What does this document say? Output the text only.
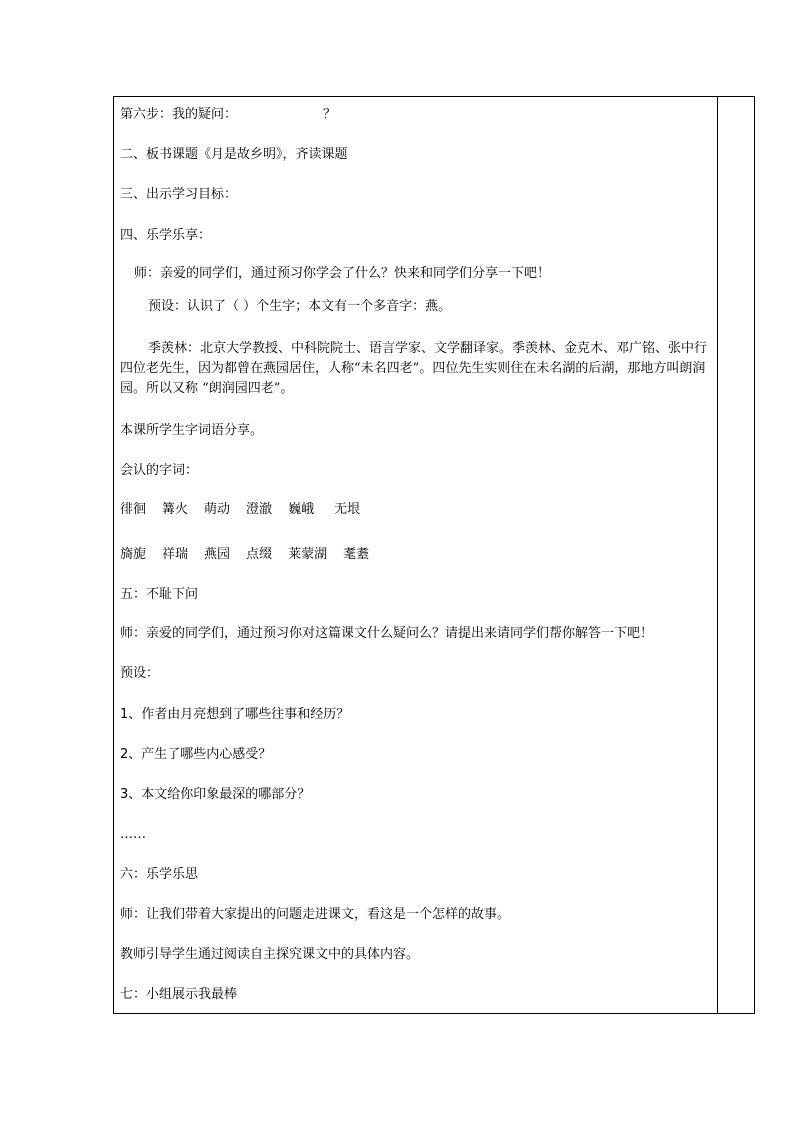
第六步：我的疑问：	？
二、板书课题《月是故乡明》，齐读课题
三、出示学习目标：
四、乐学乐享：
师：亲爱的同学们，通过预习你学会了什么？快来和同学们分享一下吧！
预设：认识了（ ）个生字；本文有一个多音字：燕。
季羡林：北京大学教授、中科院院士、语言学家、文学翻译家。季羡林、金克木、邓广铭、张中行四位老先生，因为都曾在燕园居住，人称“未名四老”。四位先生实则住在未名湖的后湖，那地方叫朗润园。所以又称 “朗润园四老”。
本课所学生字词语分享。
会认的字词：
徘徊 篝火 萌动 澄澈 巍峨 无垠
旖旎 祥瑞 燕园 点缀 莱蒙湖 耄耋
五：不耻下问
师：亲爱的同学们，通过预习你对这篇课文什么疑问么？请提出来请同学们帮你解答一下吧！
预设：
1、作者由月亮想到了哪些往事和经历？
2、产生了哪些内心感受？
3、本文给你印象最深的哪部分？
……
六：乐学乐思
师：让我们带着大家提出的问题走进课文，看这是一个怎样的故事。
教师引导学生通过阅读自主探究课文中的具体内容。
七：小组展示我最棒
